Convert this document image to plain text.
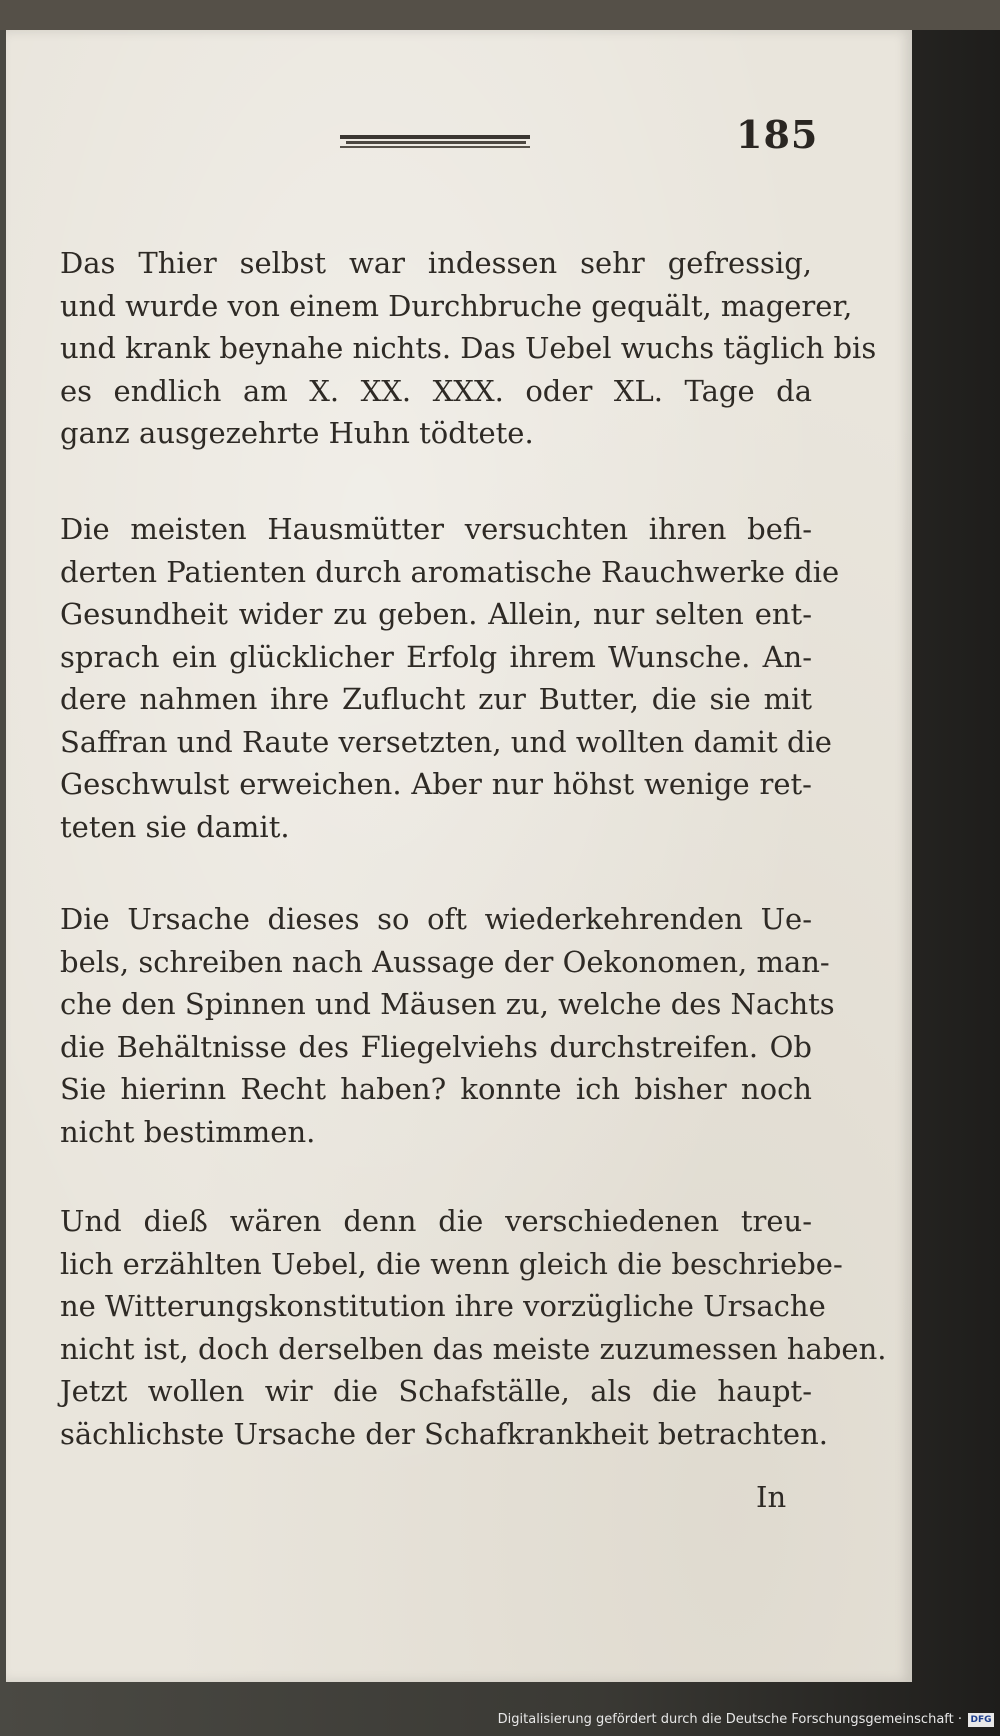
185
Das Thier selbst war indessen sehr gefressig,
und wurde von einem Durchbruche gequält, magerer,
und krank beynahe nichts. Das Uebel wuchs täglich bis
es endlich am X. XX. XXX. oder XL. Tage da
ganz ausgezehrte Huhn tödtete.
Die meisten Hausmütter versuchten ihren befi-
derten Patienten durch aromatische Rauchwerke die
Gesundheit wider zu geben. Allein, nur selten ent-
sprach ein glücklicher Erfolg ihrem Wunsche. An-
dere nahmen ihre Zuflucht zur Butter, die sie mit
Saffran und Raute versetzten, und wollten damit die
Geschwulst erweichen. Aber nur höhst wenige ret-
teten sie damit.
Die Ursache dieses so oft wiederkehrenden Ue-
bels, schreiben nach Aussage der Oekonomen, man-
che den Spinnen und Mäusen zu, welche des Nachts
die Behältnisse des Fliegelviehs durchstreifen. Ob
Sie hierinn Recht haben? konnte ich bisher noch
nicht bestimmen.
Und dieß wären denn die verschiedenen treu-
lich erzählten Uebel, die wenn gleich die beschriebe-
ne Witterungskonstitution ihre vorzügliche Ursache
nicht ist, doch derselben das meiste zuzumessen haben.
Jetzt wollen wir die Schafställe, als die haupt-
sächlichste Ursache der Schafkrankheit betrachten.
In
Digitalisierung gefördert durch die Deutsche Forschungsgemeinschaft · DFG
